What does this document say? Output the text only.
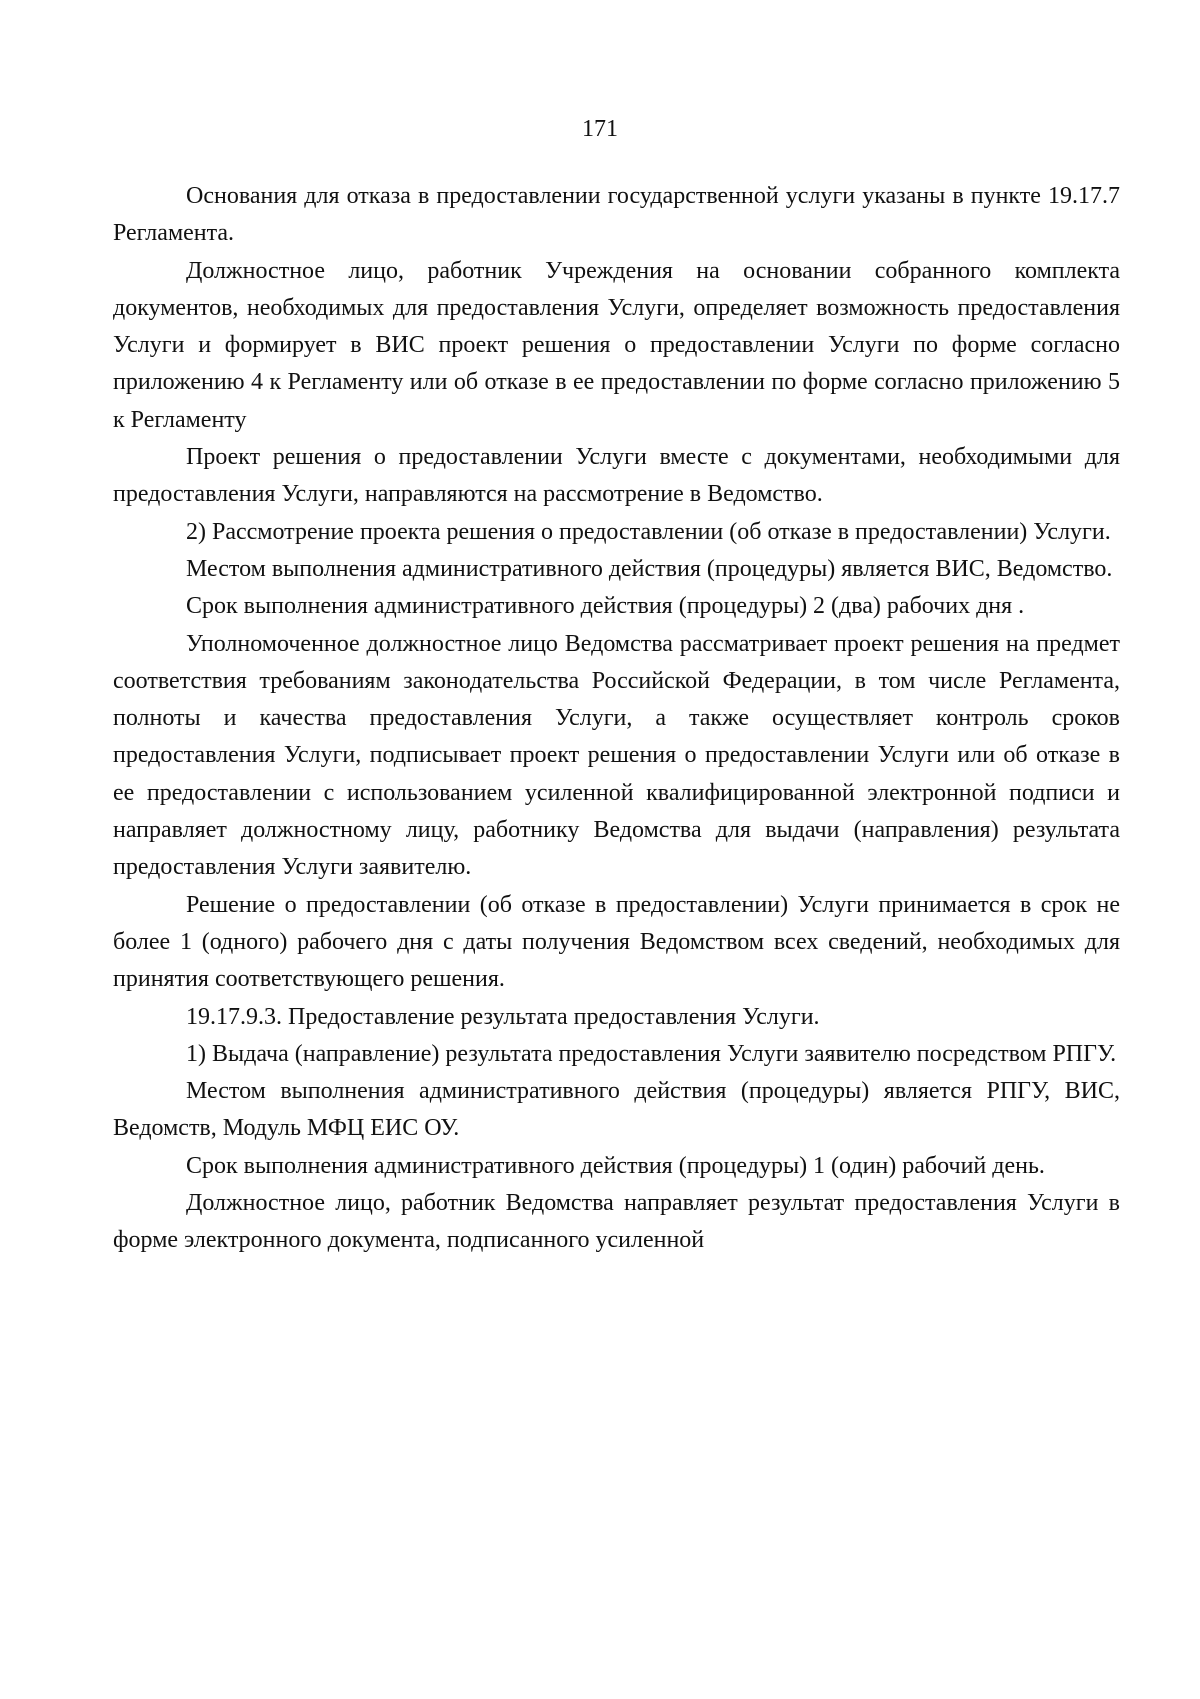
171

Основания для отказа в предоставлении государственной услуги указаны в пункте 19.17.7 Регламента.

Должностное лицо, работник Учреждения на основании собранного комплекта документов, необходимых для предоставления Услуги, определяет возможность предоставления Услуги и формирует в ВИС проект решения о предоставлении Услуги по форме согласно приложению 4 к Регламенту или об отказе в ее предоставлении по форме согласно приложению 5 к Регламенту

Проект решения о предоставлении Услуги вместе с документами, необходимыми для предоставления Услуги, направляются на рассмотрение в Ведомство.

2) Рассмотрение проекта решения о предоставлении (об отказе в предоставлении) Услуги.

Местом выполнения административного действия (процедуры) является ВИС, Ведомство.

Срок выполнения административного действия (процедуры) 2 (два) рабочих дня .

Уполномоченное должностное лицо Ведомства рассматривает проект решения на предмет соответствия требованиям законодательства Российской Федерации, в том числе Регламента, полноты и качества предоставления Услуги, а также осуществляет контроль сроков предоставления Услуги, подписывает проект решения о предоставлении Услуги или об отказе в ее предоставлении с использованием усиленной квалифицированной электронной подписи и направляет должностному лицу, работнику Ведомства для выдачи (направления) результата предоставления Услуги заявителю.

Решение о предоставлении (об отказе в предоставлении) Услуги принимается в срок не более 1 (одного) рабочего дня с даты получения Ведомством всех сведений, необходимых для принятия соответствующего решения.

19.17.9.3. Предоставление результата предоставления Услуги.

1) Выдача (направление) результата предоставления Услуги заявителю посредством РПГУ.

Местом выполнения административного действия (процедуры) является РПГУ, ВИС, Ведомств, Модуль МФЦ ЕИС ОУ.

Срок выполнения административного действия (процедуры) 1 (один) рабочий день.

Должностное лицо, работник Ведомства направляет результат предоставления Услуги в форме электронного документа, подписанного усиленной
